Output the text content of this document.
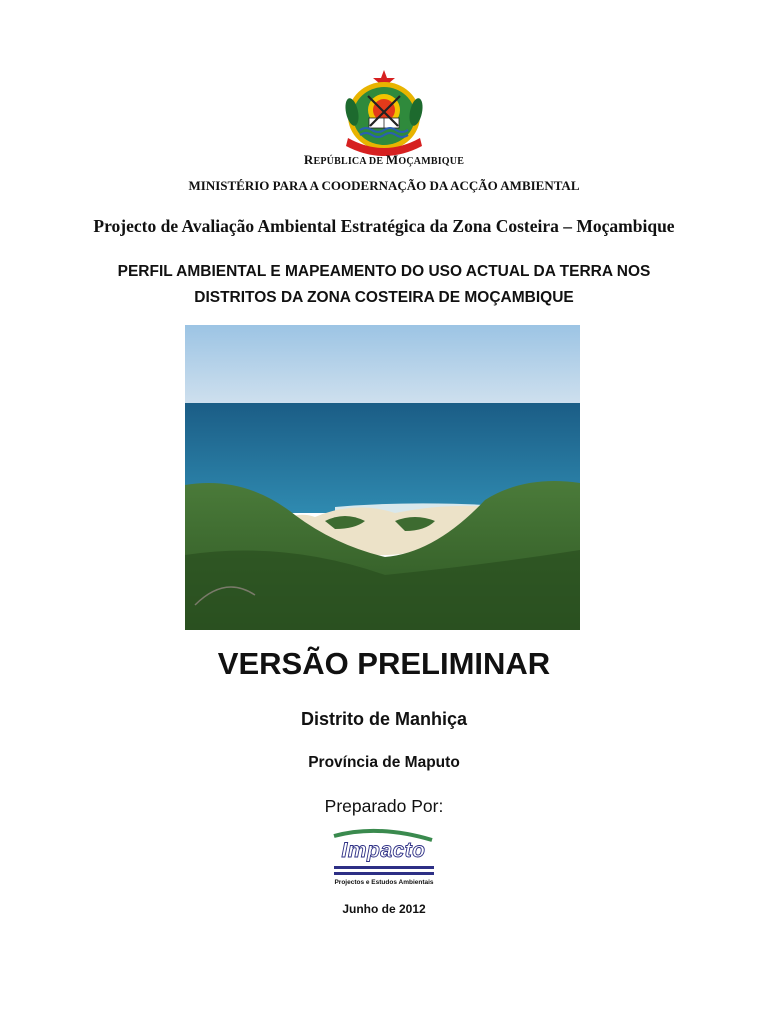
REPÚBLICA DE MOÇAMBIQUE
MINISTÉRIO PARA A COODERNAÇÃO DA ACÇÃO AMBIENTAL
Projecto de Avaliação Ambiental Estratégica da Zona Costeira – Moçambique
PERFIL AMBIENTAL E MAPEAMENTO DO USO ACTUAL DA TERRA NOS
DISTRITOS DA ZONA COSTEIRA DE MOÇAMBIQUE
VERSÃO PRELIMINAR
Distrito de Manhiça
Província de Maputo
Preparado Por:
Impacto
Projectos e Estudos Ambientais
Junho de 2012
